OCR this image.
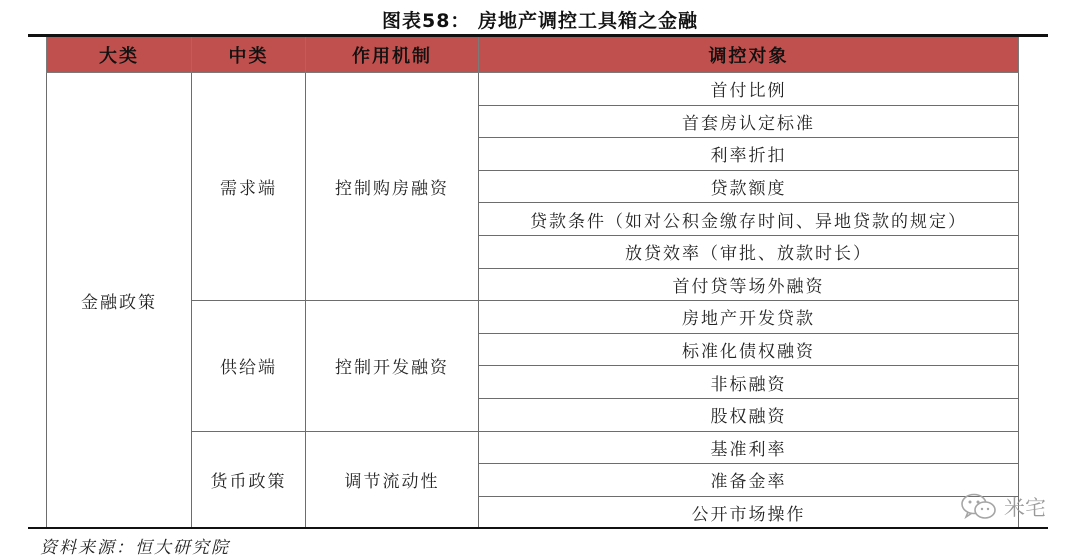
图表58： 房地产调控工具箱之金融
大类	中类	作用机制	调控对象
金融政策	需求端	控制购房融资	首付比例
			首套房认定标准
			利率折扣
			贷款额度
			贷款条件（如对公积金缴存时间、异地贷款的规定）
			放贷效率（审批、放款时长）
			首付贷等场外融资
	供给端	控制开发融资	房地产开发贷款
			标准化债权融资
			非标融资
			股权融资
	货币政策	调节流动性	基准利率
			准备金率
			公开市场操作
资料来源：恒大研究院
米宅
